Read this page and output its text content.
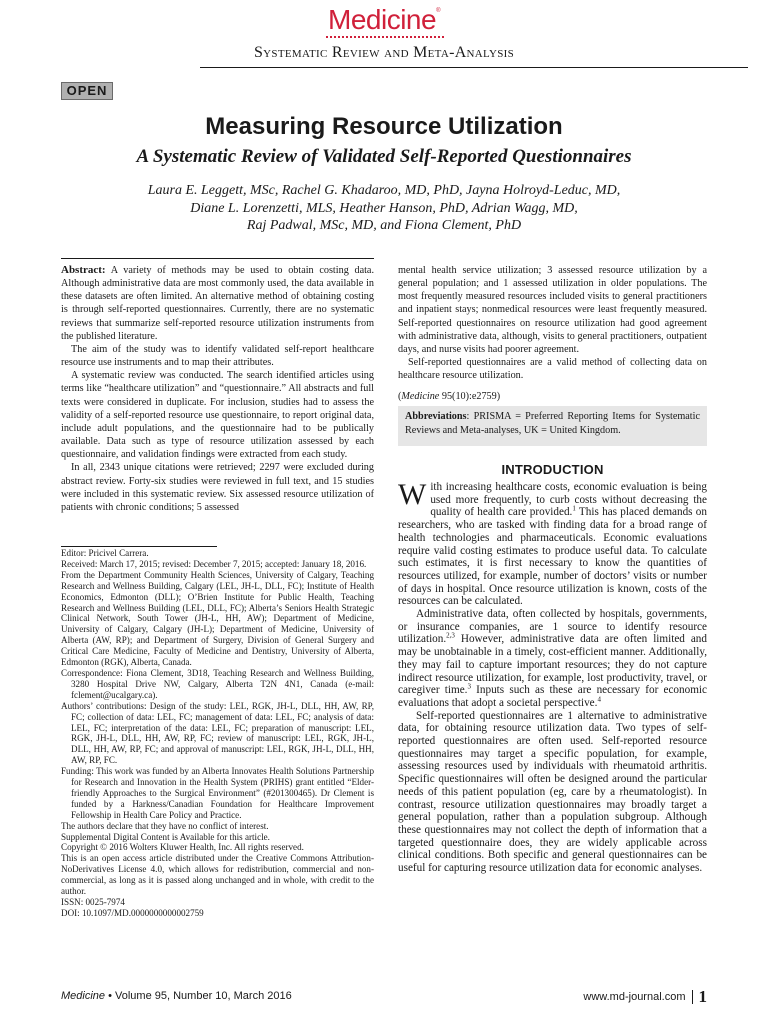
Medicine®
Systematic Review and Meta-Analysis
OPEN
Measuring Resource Utilization
A Systematic Review of Validated Self-Reported Questionnaires
Laura E. Leggett, MSc, Rachel G. Khadaroo, MD, PhD, Jayna Holroyd-Leduc, MD,
Diane L. Lorenzetti, MLS, Heather Hanson, PhD, Adrian Wagg, MD,
Raj Padwal, MSc, MD, and Fiona Clement, PhD

Abstract: A variety of methods may be used to obtain costing data. Although administrative data are most commonly used, the data available in these datasets are often limited. An alternative method of obtaining costing is through self-reported questionnaires. Currently, there are no systematic reviews that summarize self-reported resource utilization instruments from the published literature.

The aim of the study was to identify validated self-report healthcare resource use instruments and to map their attributes.

A systematic review was conducted. The search identified articles using terms like “healthcare utilization” and “questionnaire.” All abstracts and full texts were considered in duplicate. For inclusion, studies had to assess the validity of a self-reported resource use questionnaire, to report original data, include adult populations, and the questionnaire had to be publically available. Data such as type of resource utilization assessed by each questionnaire, and validation findings were extracted from each study.

In all, 2343 unique citations were retrieved; 2297 were excluded during abstract review. Forty-six studies were reviewed in full text, and 15 studies were included in this systematic review. Six assessed resource utilization of patients with chronic conditions; 5 assessed

Editor: Pricivel Carrera.
Received: March 17, 2015; revised: December 7, 2015; accepted: January 18, 2016.
From the Department Community Health Sciences, University of Calgary, Teaching Research and Wellness Building, Calgary (LEL, JH-L, DLL, FC); Institute of Health Economics, Edmonton (DLL); O’Brien Institute for Public Health, Teaching Research and Wellness Building (LEL, DLL, FC); Alberta’s Seniors Health Strategic Clinical Network, South Tower (JH-L, HH, AW); Department of Medicine, University of Calgary, Calgary (JH-L); Department of Medicine, University of Alberta (AW, RP); and Department of Surgery, Division of General Surgery and Critical Care Medicine, Faculty of Medicine and Dentistry, University of Alberta, Edmonton (RGK), Alberta, Canada.
Correspondence: Fiona Clement, 3D18, Teaching Research and Wellness Building, 3280 Hospital Drive NW, Calgary, Alberta T2N 4N1, Canada (e-mail: fclement@ucalgary.ca).
Authors’ contributions: Design of the study: LEL, RGK, JH-L, DLL, HH, AW, RP, FC; collection of data: LEL, FC; management of data: LEL, FC; analysis of data: LEL, FC; interpretation of the data: LEL, FC; preparation of manuscript: LEL, RGK, JH-L, DLL, HH, AW, RP, FC; review of manuscript: LEL, RGK, JH-L, DLL, HH, AW, RP, FC; and approval of manuscript: LEL, RGK, JH-L, DLL, HH, AW, RP, FC.
Funding: This work was funded by an Alberta Innovates Health Solutions Partnership for Research and Innovation in the Health System (PRIHS) grant entitled “Elder-friendly Approaches to the Surgical Environment” (#201300465). Dr Clement is funded by a Harkness/Canadian Foundation for Healthcare Improvement Fellowship in Health Care Policy and Practice.
The authors declare that they have no conflict of interest.
Supplemental Digital Content is Available for this article.
Copyright © 2016 Wolters Kluwer Health, Inc. All rights reserved.
This is an open access article distributed under the Creative Commons Attribution-NoDerivatives License 4.0, which allows for redistribution, commercial and non-commercial, as long as it is passed along unchanged and in whole, with credit to the author.
ISSN: 0025-7974
DOI: 10.1097/MD.0000000000002759

mental health service utilization; 3 assessed resource utilization by a general population; and 1 assessed utilization in older populations. The most frequently measured resources included visits to general practitioners and inpatient stays; nonmedical resources were least frequently measured. Self-reported questionnaires on resource utilization had good agreement with administrative data, although, visits to general practitioners, outpatient days, and nurse visits had poorer agreement.

Self-reported questionnaires are a valid method of collecting data on healthcare resource utilization.

(Medicine 95(10):e2759)

Abbreviations: PRISMA = Preferred Reporting Items for Systematic Reviews and Meta-analyses, UK = United Kingdom.
INTRODUCTION

With increasing healthcare costs, economic evaluation is being used more frequently, to curb costs without decreasing the quality of health care provided.$^1$ This has placed demands on researchers, who are tasked with finding data for a broad range of health technologies and pharmaceuticals. Economic evaluations require valid costing estimates to produce useful data. To calculate such estimates, it is first necessary to know the quantities of resources utilized, for example, number of doctors’ visits or number of days in hospital. Once resource utilization is known, costs of the resources can be calculated.

Administrative data, often collected by hospitals, governments, or insurance companies, are 1 source to identify resource utilization.$^{2,3}$ However, administrative data are often limited and may be unobtainable in a timely, cost-efficient manner. Additionally, they may fail to capture important resources; they do not capture indirect resource utilization, for example, lost productivity, travel, or caregiver time.$^3$ Inputs such as these are necessary for economic evaluations that adopt a societal perspective.$^4$

Self-reported questionnaires are 1 alternative to administrative data, for obtaining resource utilization data. Two types of self-reported questionnaires are often used. Self-reported resource questionnaires may target a specific population, for example, assessing resources used by individuals with rheumatoid arthritis. Specific questionnaires will often be designed around the particular needs of this patient population (eg, care by a rheumatologist). In contrast, resource utilization questionnaires may broadly target a general population, rather than a population subgroup. Although these questionnaires may not collect the depth of information that a targeted questionnaire does, they are widely applicable across clinical conditions. Both specific and general questionnaires can be useful for capturing resource utilization data for economic analyses.

Medicine • Volume 95, Number 10, March 2016	www.md-journal.com 1
